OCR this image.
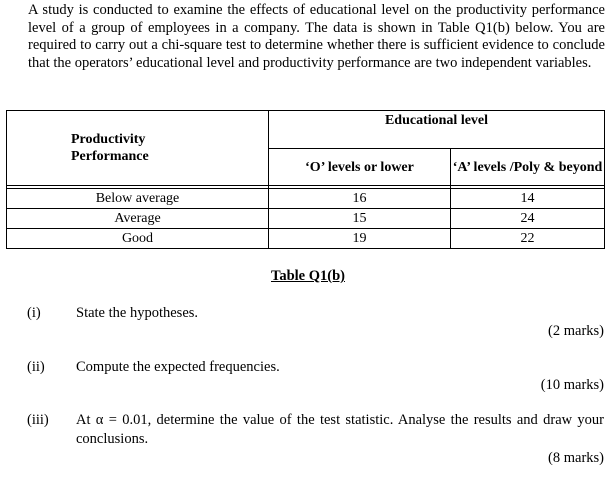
A study is conducted to examine the effects of educational level on the productivity performance level of a group of employees in a company. The data is shown in Table Q1(b) below. You are required to carry out a chi-square test to determine whether there is sufficient evidence to conclude that the operators’ educational level and productivity performance are two independent variables.
Productivity
Performance	Educational level	
	‘O’ levels or lower	‘A’ levels /Poly & beyond

Below average	16	14
Average	15	24
Good	19	22
Table Q1(b)
(i) State the hypotheses.
(2 marks)
(ii) Compute the expected frequencies.
(10 marks)
(iii) At α = 0.01, determine the value of the test statistic. Analyse the results and draw your conclusions.
(8 marks)
